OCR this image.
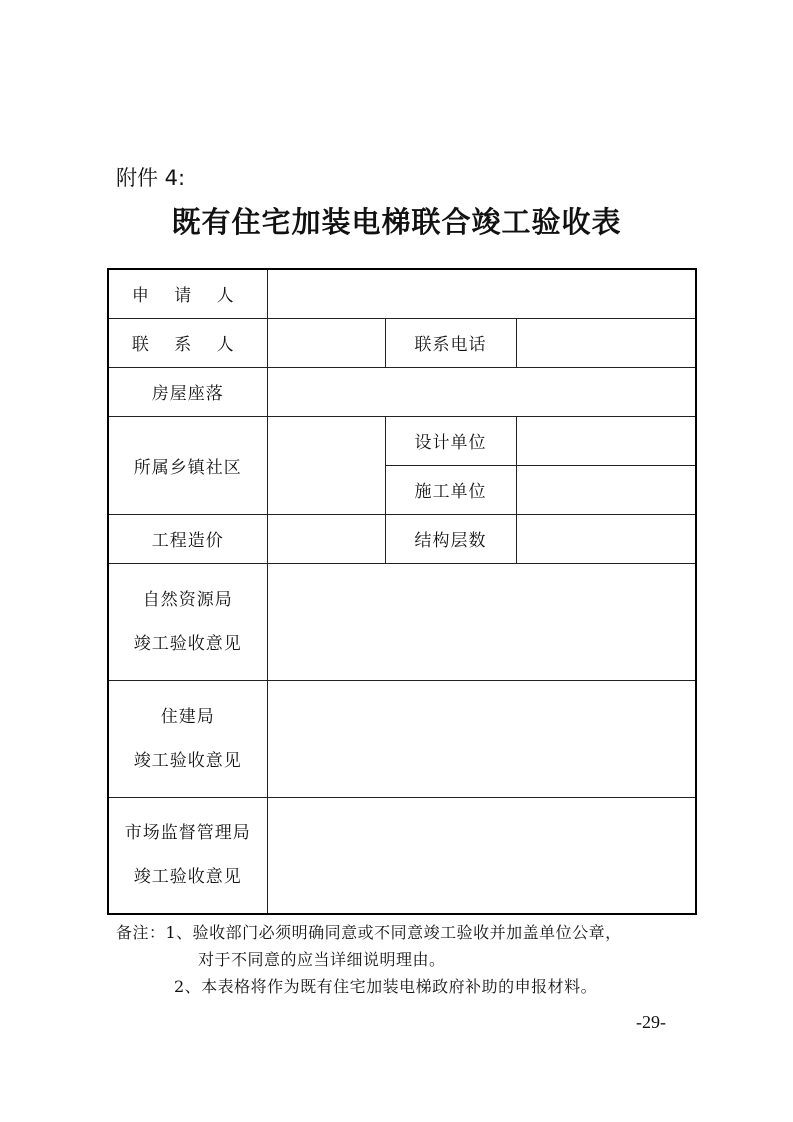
附件 4:
既有住宅加装电梯联合竣工验收表
申 请 人			
联 系 人		联系电话	
房屋座落			
所属乡镇社区		设计单位	
		施工单位	
工程造价		结构层数	

自然资源局
竣工验收意见			

住建局
竣工验收意见			

市场监督管理局
竣工验收意见			

备注：1、验收部门必须明确同意或不同意竣工验收并加盖单位公章，
对于不同意的应当详细说明理由。
2、本表格将作为既有住宅加装电梯政府补助的申报材料。
-29-
